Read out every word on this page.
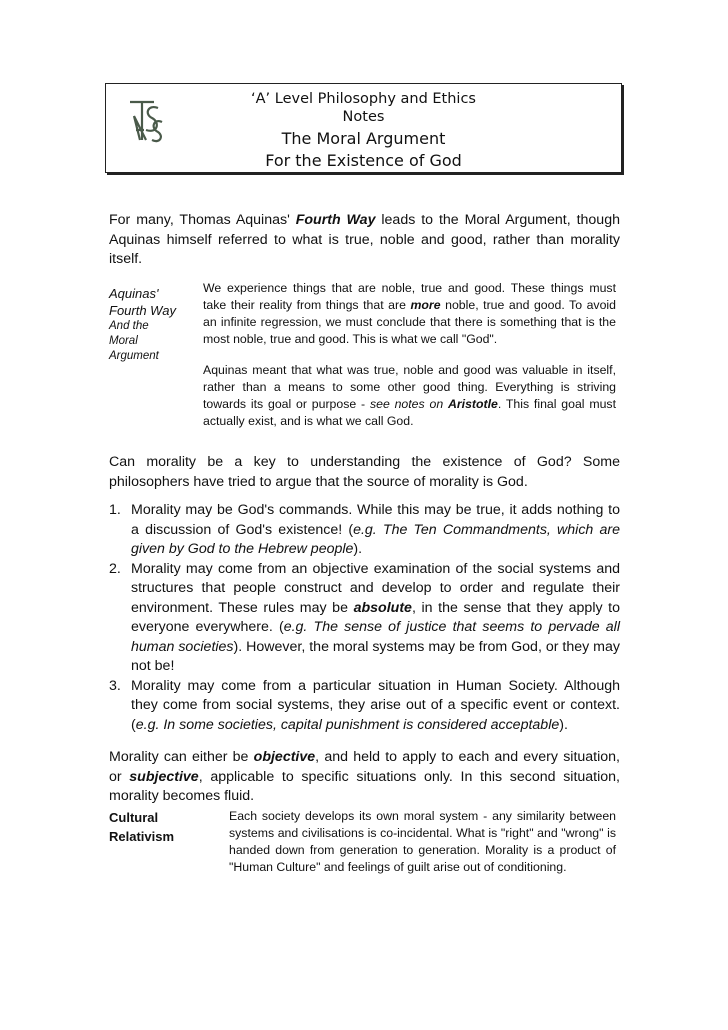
‘A’ Level Philosophy and Ethics
Notes
The Moral Argument
For the Existence of God
For many, Thomas Aquinas' Fourth Way leads to the Moral Argument, though Aquinas himself referred to what is true, noble and good, rather than morality itself.
Aquinas' Fourth Way
And the Moral Argument

We experience things that are noble, true and good. These things must take their reality from things that are more noble, true and good. To avoid an infinite regression, we must conclude that there is something that is the most noble, true and good. This is what we call "God".

Aquinas meant that what was true, noble and good was valuable in itself, rather than a means to some other good thing. Everything is striving towards its goal or purpose - see notes on Aristotle. This final goal must actually exist, and is what we call God.

Can morality be a key to understanding the existence of God? Some philosophers have tried to argue that the source of morality is God.
1. Morality may be God's commands. While this may be true, it adds nothing to a discussion of God's existence! (e.g. The Ten Commandments, which are given by God to the Hebrew people).
2. Morality may come from an objective examination of the social systems and structures that people construct and develop to order and regulate their environment. These rules may be absolute, in the sense that they apply to everyone everywhere. (e.g. The sense of justice that seems to pervade all human societies). However, the moral systems may be from God, or they may not be!
3. Morality may come from a particular situation in Human Society. Although they come from social systems, they arise out of a specific event or context. (e.g. In some societies, capital punishment is considered acceptable).
Morality can either be objective, and held to apply to each and every situation, or subjective, applicable to specific situations only. In this second situation, morality becomes fluid.
Cultural Relativism
Each society develops its own moral system - any similarity between systems and civilisations is co-incidental. What is "right" and "wrong" is handed down from generation to generation. Morality is a product of "Human Culture" and feelings of guilt arise out of conditioning.
